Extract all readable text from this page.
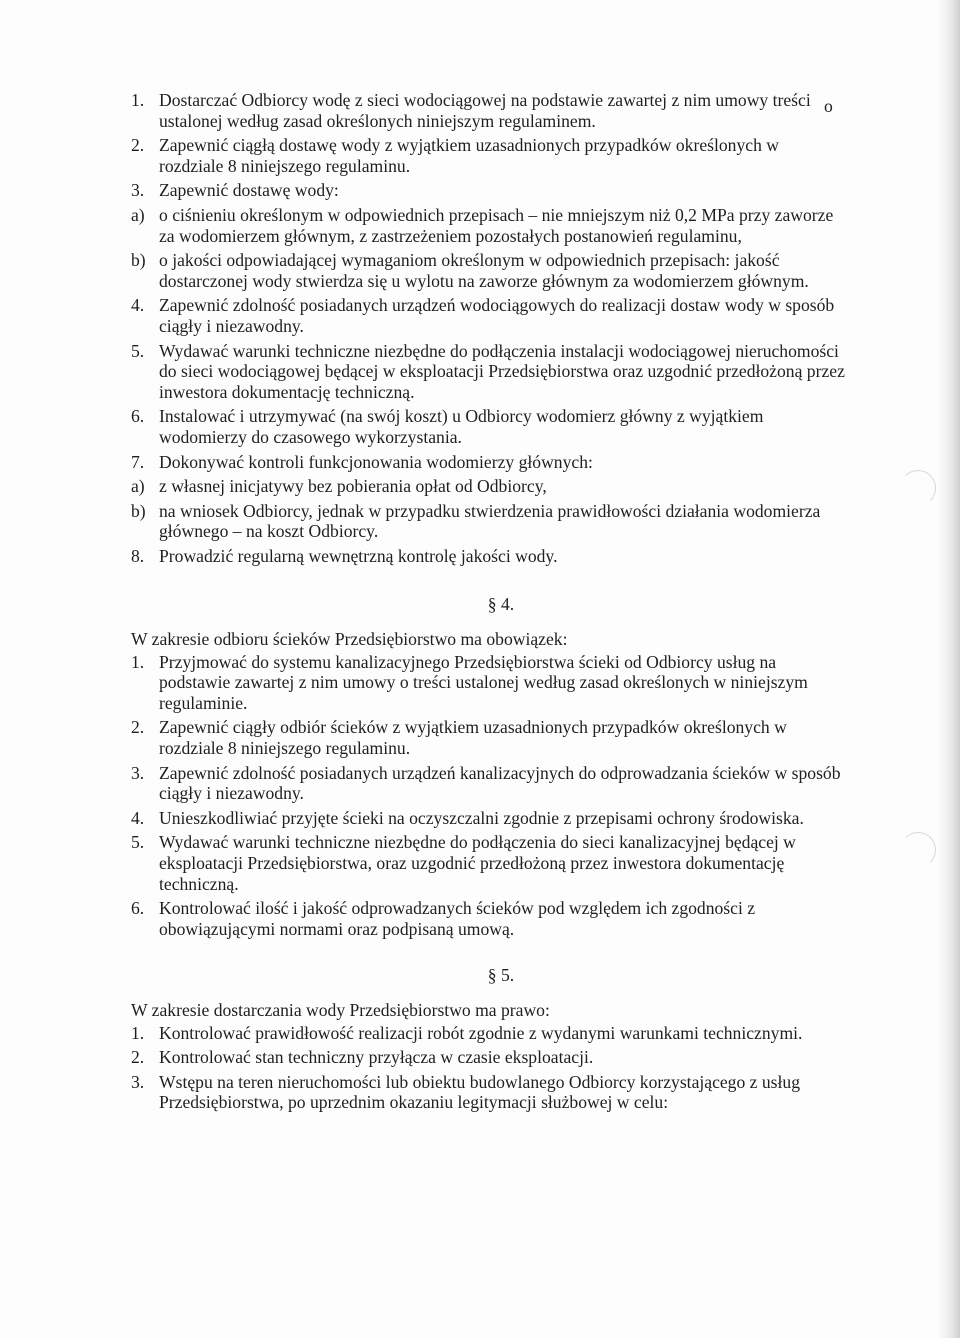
o
1. Dostarczać Odbiorcy wodę z sieci wodociągowej na podstawie zawartej z nim umowy treści ustalonej według zasad określonych niniejszym regulaminem.
2. Zapewnić ciągłą dostawę wody z wyjątkiem uzasadnionych przypadków określonych w rozdziale 8 niniejszego regulaminu.
3. Zapewnić dostawę wody:
a) o ciśnieniu określonym w odpowiednich przepisach – nie mniejszym niż 0,2 MPa przy zaworze za wodomierzem głównym, z zastrzeżeniem pozostałych postanowień regulaminu,
b) o jakości odpowiadającej wymaganiom określonym w odpowiednich przepisach: jakość dostarczonej wody stwierdza się u wylotu na zaworze głównym za wodomierzem głównym.
4. Zapewnić zdolność posiadanych urządzeń wodociągowych do realizacji dostaw wody w sposób ciągły i niezawodny.
5. Wydawać warunki techniczne niezbędne do podłączenia instalacji wodociągowej nieruchomości do sieci wodociągowej będącej w eksploatacji Przedsiębiorstwa oraz uzgodnić przedłożoną przez inwestora dokumentację techniczną.
6. Instalować i utrzymywać (na swój koszt) u Odbiorcy wodomierz główny z wyjątkiem wodomierzy do czasowego wykorzystania.
7. Dokonywać kontroli funkcjonowania wodomierzy głównych:
a) z własnej inicjatywy bez pobierania opłat od Odbiorcy,
b) na wniosek Odbiorcy, jednak w przypadku stwierdzenia prawidłowości działania wodomierza głównego – na koszt Odbiorcy.
8. Prowadzić regularną wewnętrzną kontrolę jakości wody.
§ 4.
W zakresie odbioru ścieków Przedsiębiorstwo ma obowiązek:
1. Przyjmować do systemu kanalizacyjnego Przedsiębiorstwa ścieki od Odbiorcy usług na podstawie zawartej z nim umowy o treści ustalonej według zasad określonych w niniejszym regulaminie.
2. Zapewnić ciągły odbiór ścieków z wyjątkiem uzasadnionych przypadków określonych w rozdziale 8 niniejszego regulaminu.
3. Zapewnić zdolność posiadanych urządzeń kanalizacyjnych do odprowadzania ścieków w sposób ciągły i niezawodny.
4. Unieszkodliwiać przyjęte ścieki na oczyszczalni zgodnie z przepisami ochrony środowiska.
5. Wydawać warunki techniczne niezbędne do podłączenia do sieci kanalizacyjnej będącej w eksploatacji Przedsiębiorstwa, oraz uzgodnić przedłożoną przez inwestora dokumentację techniczną.
6. Kontrolować ilość i jakość odprowadzanych ścieków pod względem ich zgodności z obowiązującymi normami oraz podpisaną umową.
§ 5.
W zakresie dostarczania wody Przedsiębiorstwo ma prawo:
1. Kontrolować prawidłowość realizacji robót zgodnie z wydanymi warunkami technicznymi.
2. Kontrolować stan techniczny przyłącza w czasie eksploatacji.
3. Wstępu na teren nieruchomości lub obiektu budowlanego Odbiorcy korzystającego z usług Przedsiębiorstwa, po uprzednim okazaniu legitymacji służbowej w celu:
